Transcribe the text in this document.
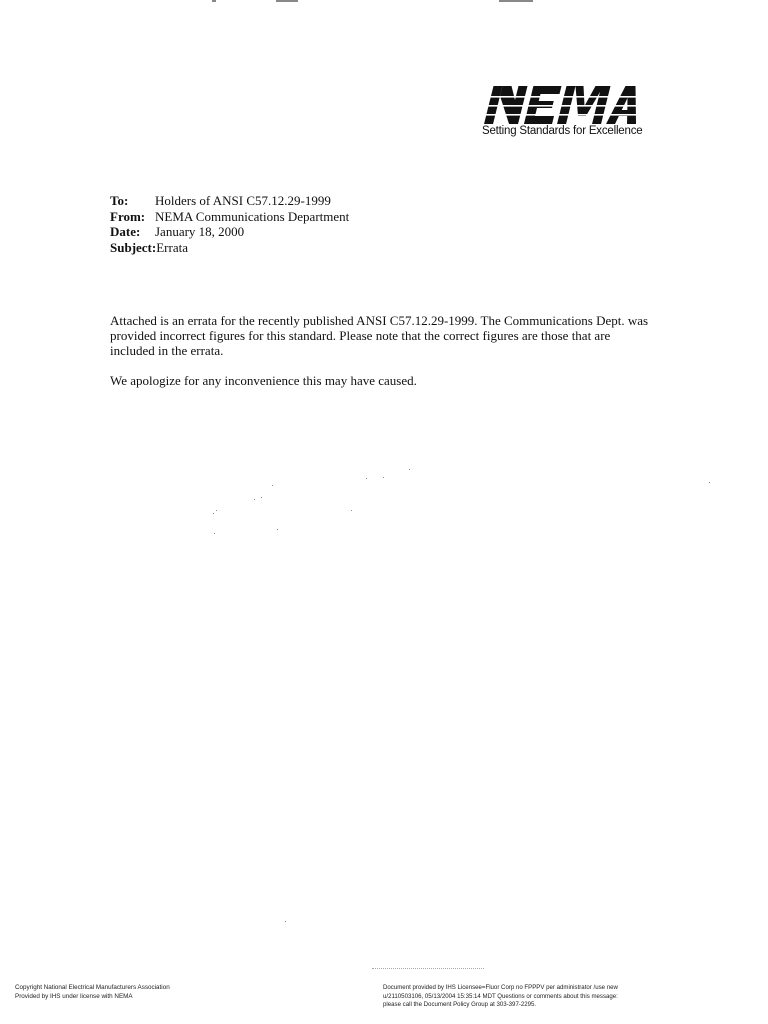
Setting Standards for Excellence
To:	Holders of ANSI C57.12.29-1999
From: NEMA Communications Department
Date:	January 18, 2000
Subject: Errata

Attached is an errata for the recently published ANSI C57.12.29-1999. The Communications Dept. was provided incorrect figures for this standard. Please note that the correct figures are those that are included in the errata.

We apologize for any inconvenience this may have caused.

Copyright National Electrical Manufacturers Association
Provided by IHS under license with NEMA
Document provided by IHS Licensee=Fluor Corp no FPPPV per administrator /use new u/2110503106, 05/13/2004 15:35:14 MDT Questions or comments about this message: please call the Document Policy Group at 303-397-2295.
